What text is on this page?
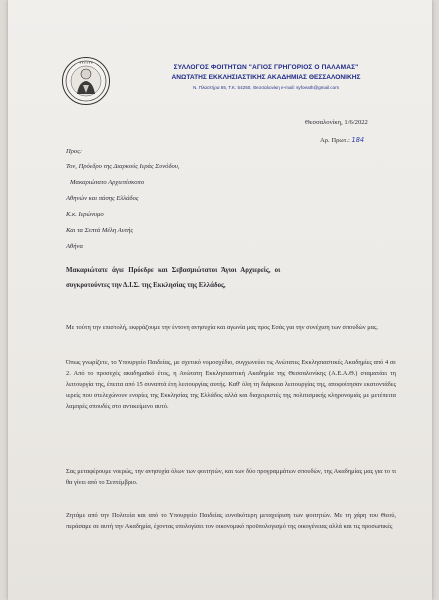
● ● ● ● ● ●
ΣΥΛΛΟΓΟΣ ΦΟΙΤΗΤΩΝ "ΑΓΙΟΣ ΓΡΗΓΟΡΙΟΣ Ο ΠΑΛΑΜΑΣ"
ΑΝΩΤΑΤΗΣ ΕΚΚΛΗΣΙΑΣΤΙΚΗΣ ΑΚΑΔΗΜΙΑΣ ΘΕΣΣΑΛΟΝΙΚΗΣ
Ν. Πλαστήρα 65, Τ.Κ. 54250, Θεσσαλονίκη e-mail: syfoeath@gmail.com
Θεσσαλονίκη, 1/6/2022
Αρ. Πρωτ.: 184
Προς:
Τον, Πρόεδρο της Διαρκούς Ιεράς Συνόδου,
Μακαριώτατο Αρχιεπίσκοπο
Αθηνών και πάσης Ελλάδος
Κ.κ. Ιερώνυμο
Και τα Σεπτά Μέλη Αυτής
Αθήνα
Μακαριώτατε άγιε Πρόεδρε και Σεβασμιώτατοι Άγιοι Αρχιερείς, οι
συγκροτούντες την Δ.Ι.Σ. της Εκκλησίας της Ελλάδος,
Με τούτη την επιστολή, εκφράζουμε την έντονη ανησυχία και αγωνία μας προς Εσάς για την συνέχιση των σπουδών μας.
Όπως γνωρίζετε, το Υπουργείο Παιδείας, με σχετικό νομοσχέδιο, συγχωνεύει τις Ανώτατες Εκκλησιαστικές Ακαδημίες από 4 σε 2. Από το προσεχές ακαδημαϊκό έτος, η Ανώτατη Εκκλησιαστική Ακαδημία της Θεσσαλονίκης (Α.Ε.Α.Θ.) σταματάει τη λειτουργία της, έπειτα από 15 συναπτά έτη λειτουργίας αυτής. Καθ' όλη τη διάρκεια λειτουργίας της, αποφοίτησαν εκατοντάδες ιερείς που στελεχώνουν ενορίες της Εκκλησίας της Ελλάδος αλλά και διαχειριστές της πολιτισμικής κληρονομιάς με μετέπειτα λαμπρές σπουδές στο αντικείμενο αυτό.
Σας μεταφέρουμε νοερώς, την ανησυχία όλων των φοιτητών, και των δύο προγραμμάτων σπουδών, της Ακαδημίας μας για το τι θα γίνει από το Σεπτέμβριο.
Ζητάμε από την Πολιτεία και από το Υπουργείο Παιδείας ευνοϊκότερη μεταχείριση των φοιτητών. Με τη χάρη του Θεού, περάσαμε σε αυτή την Ακαδημία, έχοντας υπολογίσει τον οικονομικό προϋπολογισμό της οικογένειας αλλά και τις προσωπικές
